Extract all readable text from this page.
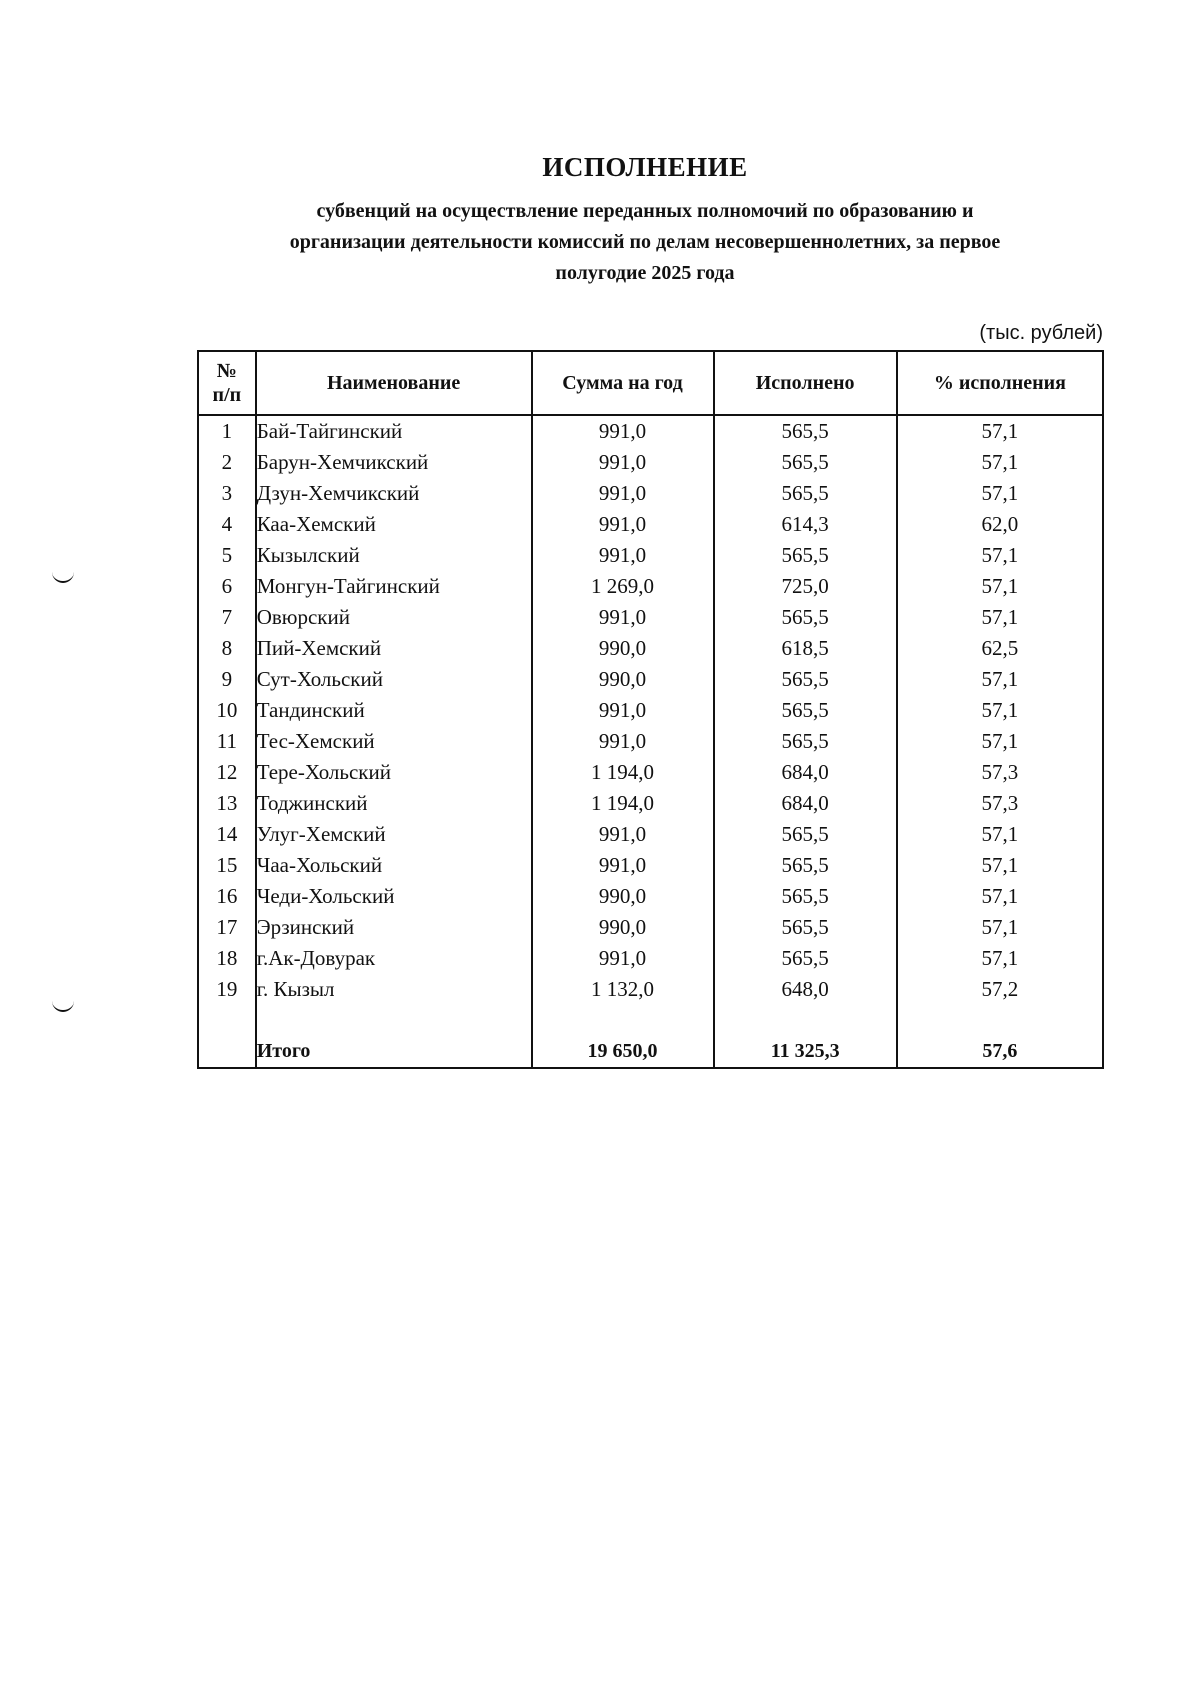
ИСПОЛНЕНИЕ
субвенций на осуществление переданных полномочий по образованию и
организации деятельности комиссий по делам несовершеннолетних, за первое
полугодие 2025 года
(тыс. рублей)
№
п/п	Наименование	Сумма на год	Исполнено	% исполнения
1	Бай-Тайгинский	991,0	565,5	57,1
2	Барун-Хемчикский	991,0	565,5	57,1
3	Дзун-Хемчикский	991,0	565,5	57,1
4	Каа-Хемский	991,0	614,3	62,0
5	Кызылский	991,0	565,5	57,1
6	Монгун-Тайгинский	1 269,0	725,0	57,1
7	Овюрский	991,0	565,5	57,1
8	Пий-Хемский	990,0	618,5	62,5
9	Сут-Хольский	990,0	565,5	57,1
10	Тандинский	991,0	565,5	57,1
11	Тес-Хемский	991,0	565,5	57,1
12	Тере-Хольский	1 194,0	684,0	57,3
13	Тоджинский	1 194,0	684,0	57,3
14	Улуг-Хемский	991,0	565,5	57,1
15	Чаа-Хольский	991,0	565,5	57,1
16	Чеди-Хольский	990,0	565,5	57,1
17	Эрзинский	990,0	565,5	57,1
18	г.Ак-Довурак	991,0	565,5	57,1
19	г. Кызыл	1 132,0	648,0	57,2

	Итого	19 650,0	11 325,3	57,6
